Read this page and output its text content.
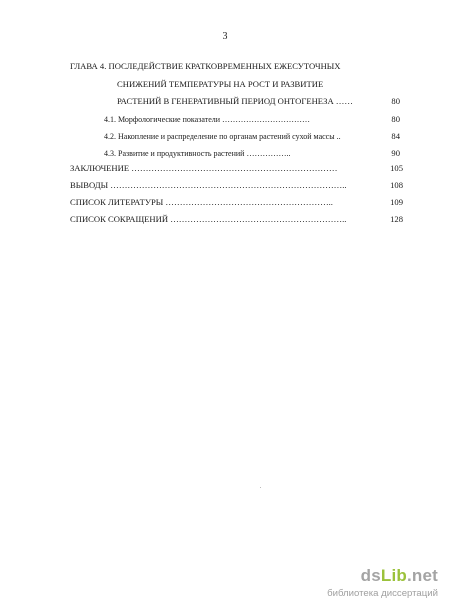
3
ГЛАВА 4. ПОСЛЕДЕЙСТВИЕ КРАТКОВРЕМЕННЫХ ЕЖЕСУТОЧНЫХ
СНИЖЕНИЙ ТЕМПЕРАТУРЫ НА РОСТ И РАЗВИТИЕ
РАСТЕНИЙ В ГЕНЕРАТИВНЫЙ ПЕРИОД ОНТОГЕНЕЗА ……	80
4.1. Морфологические показатели ……………………………	80
4.2. Накопление и распределение по органам растений сухой массы ..	84
4.3. Развитие и продуктивность растений ……………..	90
ЗАКЛЮЧЕНИЕ ………………………………………………………………	105
ВЫВОДЫ ………………………………………………………………………..	108
СПИСОК ЛИТЕРАТУРЫ …………………………………………………..	109
СПИСОК СОКРАЩЕНИЙ ……………………………………………………..	128
dsLib.net
библиотека диссертаций
